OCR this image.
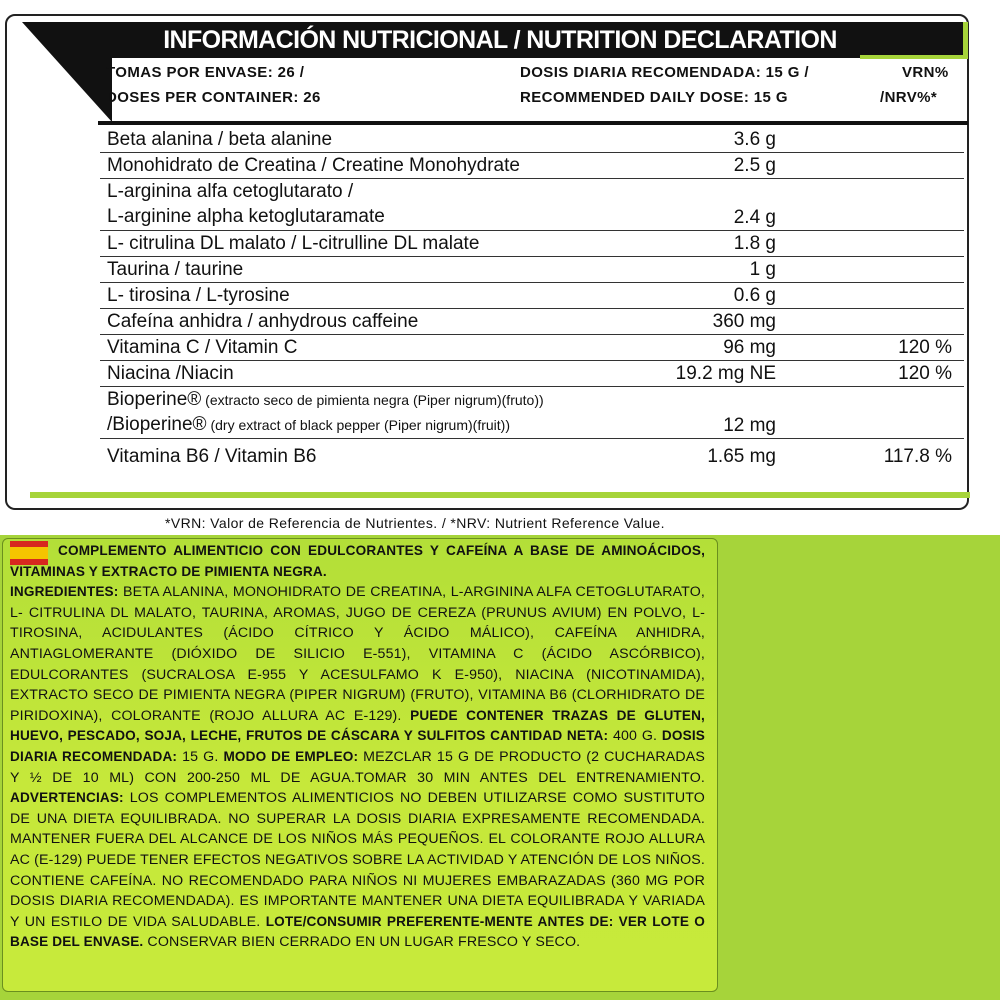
INFORMACIÓN NUTRICIONAL / NUTRITION DECLARATION
TOMAS POR ENVASE: 26 /
DOSES PER CONTAINER: 26
DOSIS DIARIA RECOMENDADA: 15 G /
RECOMMENDED DAILY DOSE: 15 G
VRN%
/NRV%*
Beta alanina / beta alanine	3.6 g
Monohidrato de Creatina / Creatine Monohydrate	2.5 g
L-arginina alfa cetoglutarato /
L-arginine alpha ketoglutaramate	2.4 g
L- citrulina DL malato / L-citrulline DL malate	1.8 g
Taurina / taurine	1 g
L- tirosina / L-tyrosine	0.6 g
Cafeína anhidra / anhydrous caffeine	360 mg
Vitamina C / Vitamin C	96 mg	120 %
Niacina /Niacin	19.2 mg NE	120 %
Bioperine® (extracto seco de pimienta negra (Piper nigrum)(fruto))
/Bioperine® (dry extract of black pepper (Piper nigrum)(fruit))	12 mg
Vitamina B6 / Vitamin B6	1.65 mg	117.8 %
*VRN: Valor de Referencia de Nutrientes. / *NRV: Nutrient Reference Value.

COMPLEMENTO ALIMENTICIO CON EDULCORANTES Y CAFEÍNA A BASE DE AMINOÁCIDOS, VITAMINAS Y EXTRACTO DE PIMIENTA NEGRA.
INGREDIENTES: BETA ALANINA, MONOHIDRATO DE CREATINA, L-ARGININA ALFA CETOGLUTARATO, L- CITRULINA DL MALATO, TAURINA, AROMAS, JUGO DE CEREZA (PRUNUS AVIUM) EN POLVO, L- TIROSINA, ACIDULANTES (ÁCIDO CÍTRICO Y ÁCIDO MÁLICO), CAFEÍNA ANHIDRA, ANTIAGLOMERANTE (DIÓXIDO DE SILICIO E-551), VITAMINA C (ÁCIDO ASCÓRBICO), EDULCORANTES (SUCRALOSA E-955 Y ACESULFAMO K E-950), NIACINA (NICOTINAMIDA), EXTRACTO SECO DE PIMIENTA NEGRA (PIPER NIGRUM) (FRUTO), VITAMINA B6 (CLORHIDRATO DE PIRIDOXINA), COLORANTE (ROJO ALLURA AC E-129). PUEDE CONTENER TRAZAS DE GLUTEN, HUEVO, PESCADO, SOJA, LECHE, FRUTOS DE CÁSCARA Y SULFITOS CANTIDAD NETA: 400 G. DOSIS DIARIA RECOMENDADA: 15 G. MODO DE EMPLEO: MEZCLAR 15 G DE PRODUCTO (2 CUCHARADAS Y ½ DE 10 ML) CON 200-250 ML DE AGUA.TOMAR 30 MIN ANTES DEL ENTRENAMIENTO. ADVERTENCIAS: LOS COMPLEMENTOS ALIMENTICIOS NO DEBEN UTILIZARSE COMO SUSTITUTO DE UNA DIETA EQUILIBRADA. NO SUPERAR LA DOSIS DIARIA EXPRESAMENTE RECOMENDADA. MANTENER FUERA DEL ALCANCE DE LOS NIÑOS MÁS PEQUEÑOS. EL COLORANTE ROJO ALLURA AC (E-129) PUEDE TENER EFECTOS NEGATIVOS SOBRE LA ACTIVIDAD Y ATENCIÓN DE LOS NIÑOS. CONTIENE CAFEÍNA. NO RECOMENDADO PARA NIÑOS NI MUJERES EMBARAZADAS (360 MG POR DOSIS DIARIA RECOMENDADA). ES IMPORTANTE MANTENER UNA DIETA EQUILIBRADA Y VARIADA Y UN ESTILO DE VIDA SALUDABLE. LOTE/CONSUMIR PREFERENTE-MENTE ANTES DE: VER LOTE O BASE DEL ENVASE. CONSERVAR BIEN CERRADO EN UN LUGAR FRESCO Y SECO.
